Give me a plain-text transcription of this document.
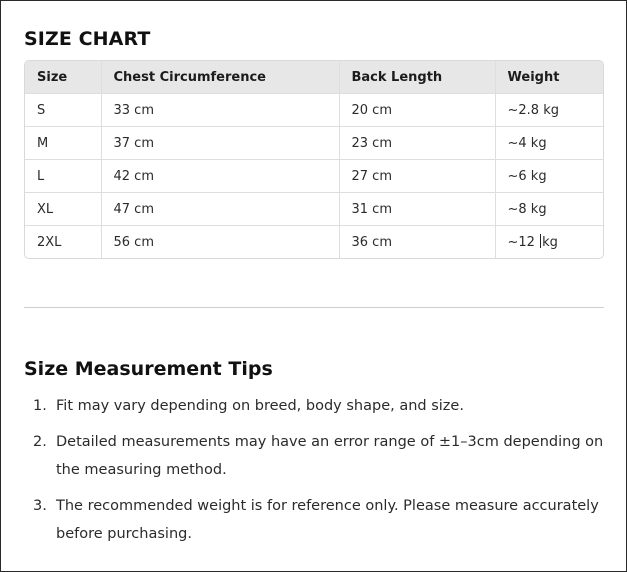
SIZE CHART
Size	Chest Circumference	Back Length	Weight
S	33 cm	20 cm	~2.8 kg
M	37 cm	23 cm	~4 kg
L	42 cm	27 cm	~6 kg
XL	47 cm	31 cm	~8 kg
2XL	56 cm	36 cm	~12 kg
Size Measurement Tips
1. Fit may vary depending on breed, body shape, and size.
2. Detailed measurements may have an error range of ±1–3cm depending on the measuring method.
3. The recommended weight is for reference only. Please measure accurately before purchasing.
